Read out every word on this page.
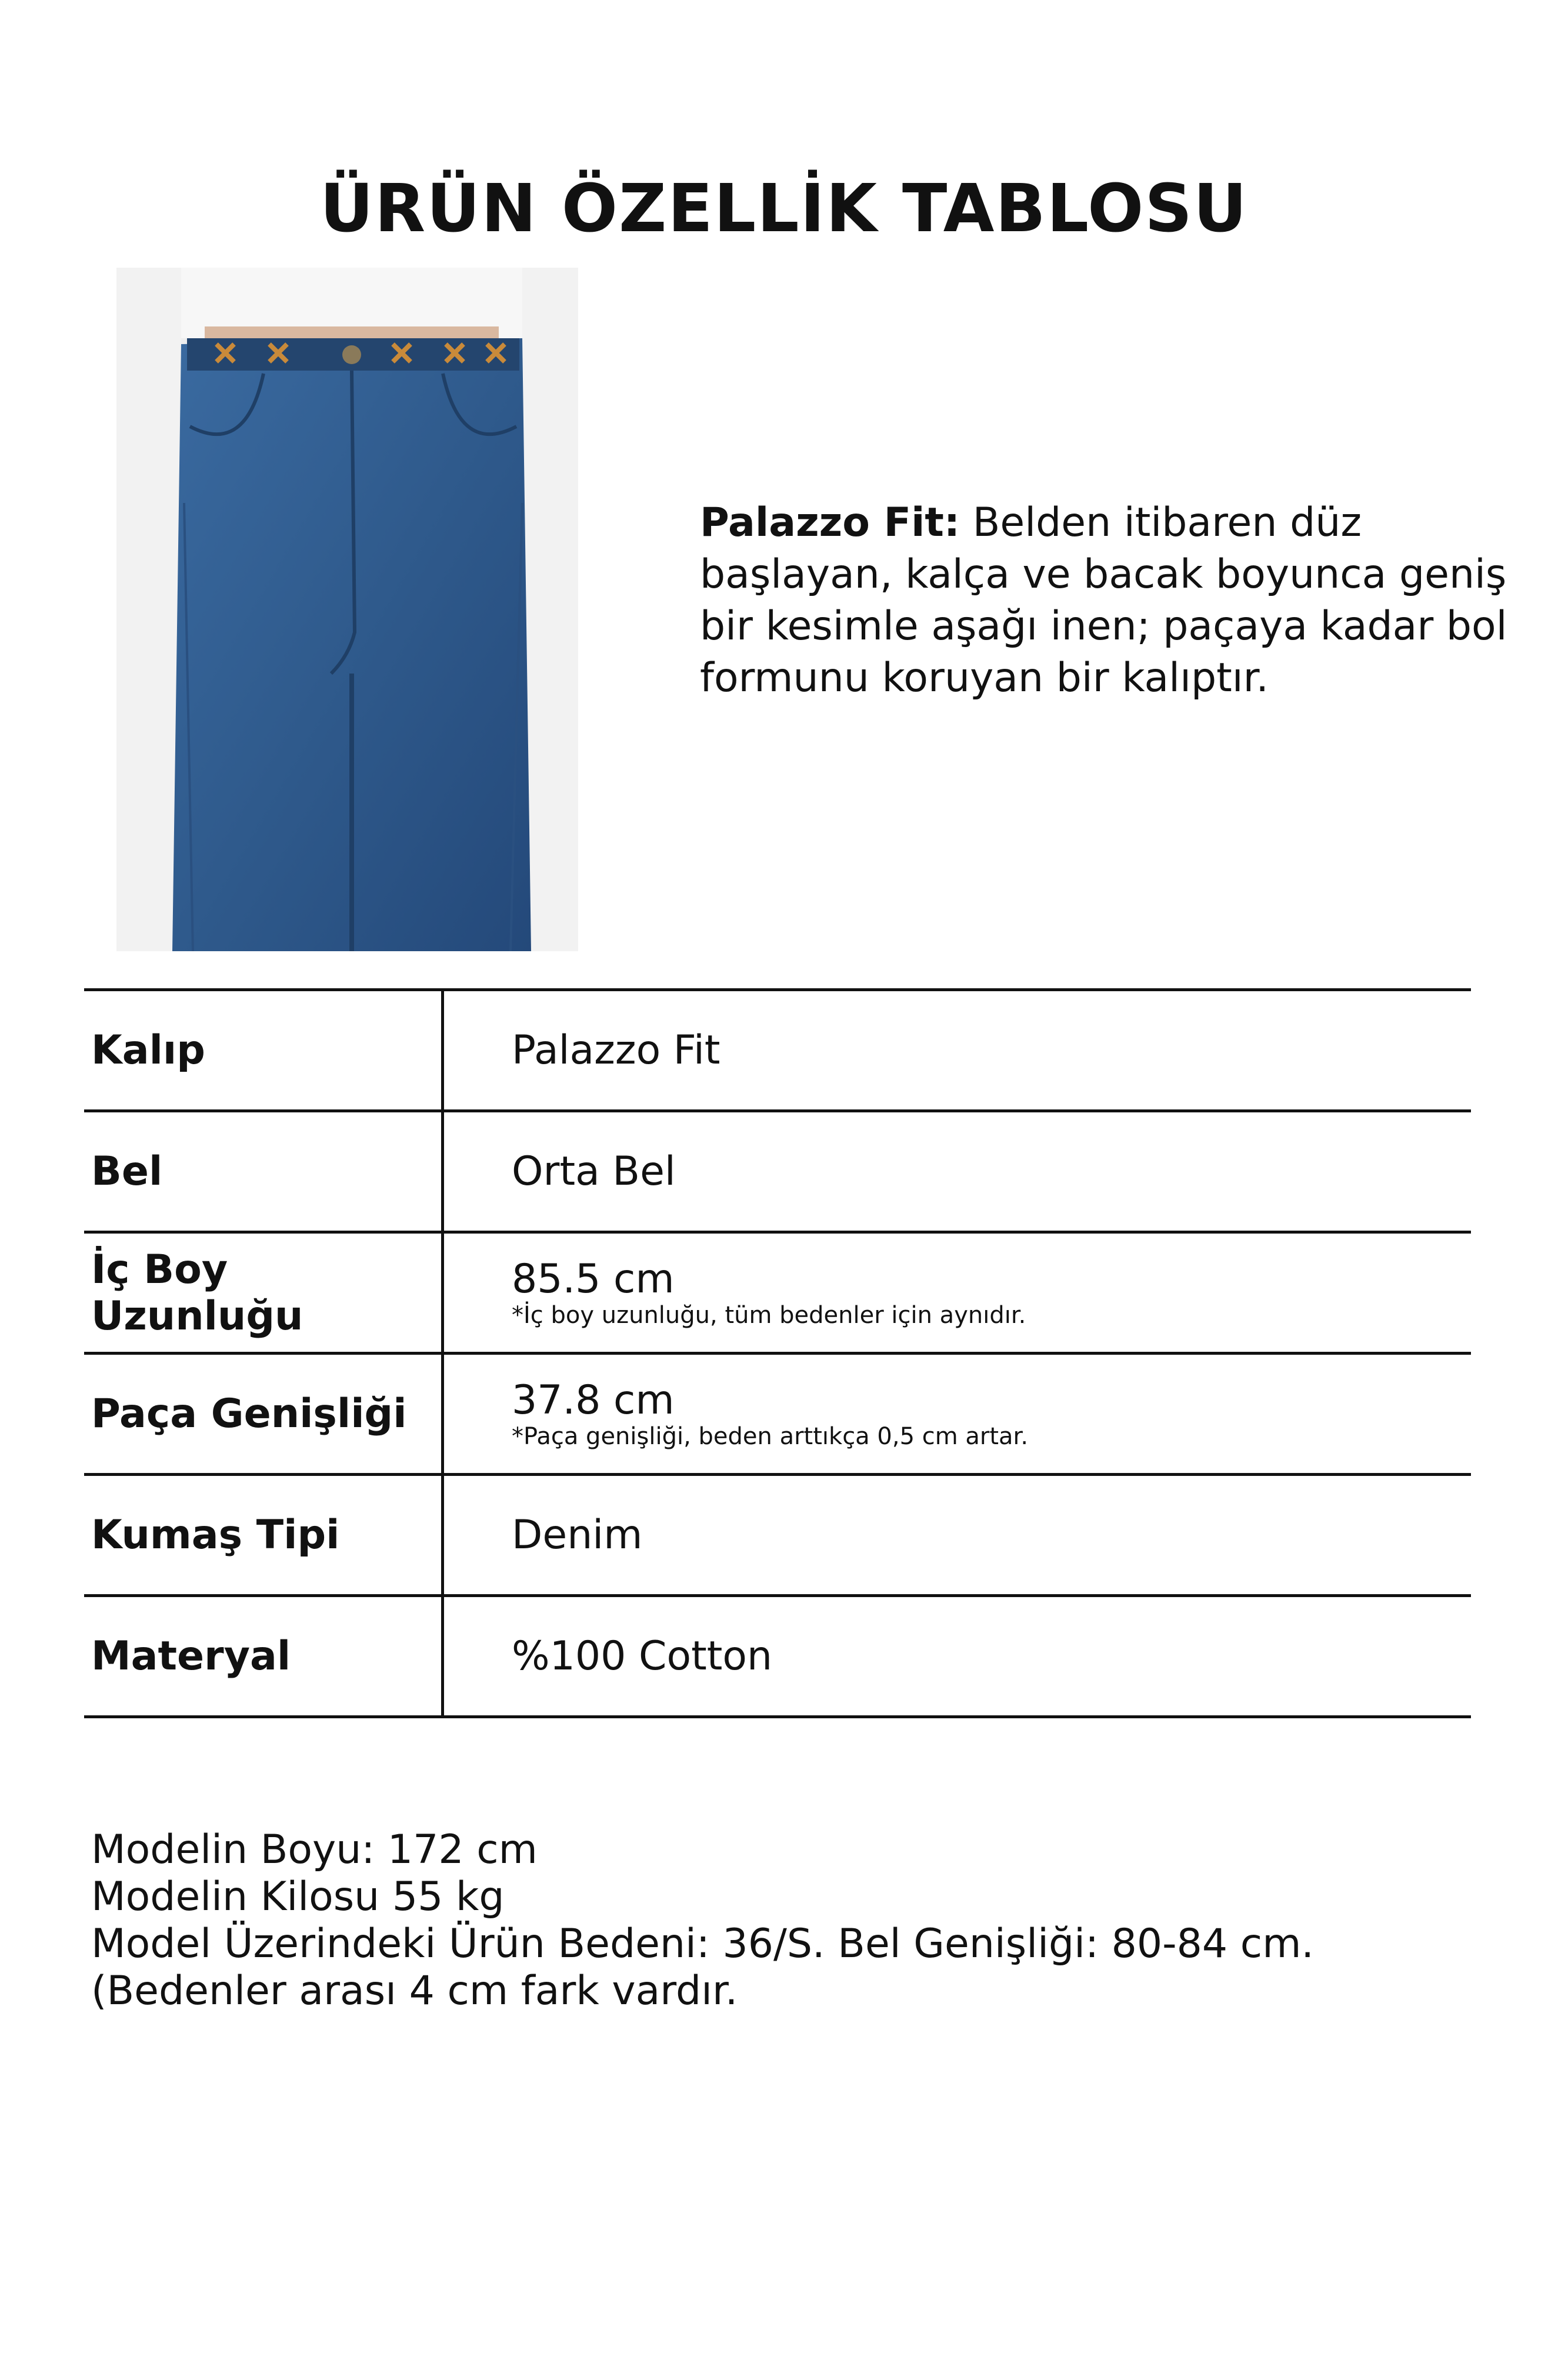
ÜRÜN ÖZELLİK TABLOSU

Palazzo Fit: Belden itibaren düz başlayan, kalça ve bacak boyunca geniş bir kesimle aşağı inen; paçaya kadar bol formunu koruyan bir kalıptır.

Kalıp	Palazzo Fit

Bel	Orta Bel

İç Boy Uzunluğu	85.5 cm
*İç boy uzunluğu, tüm bedenler için aynıdır.

Paça Genişliği	37.8 cm
*Paça genişliği, beden arttıkça 0,5 cm artar.

Kumaş Tipi	Denim

Materyal	%100 Cotton
Modelin Boyu: 172 cm
Modelin Kilosu 55 kg
Model Üzerindeki Ürün Bedeni: 36/S. Bel Genişliği: 80-84 cm. (Bedenler arası 4 cm fark vardır.
